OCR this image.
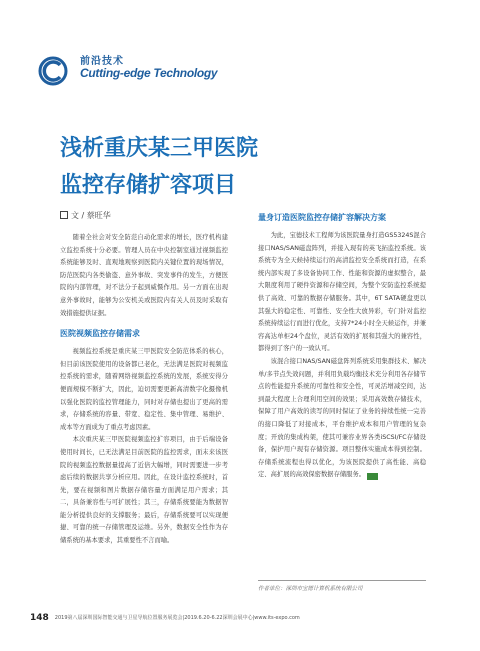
前沿技术
Cutting-edge Technology
浅析重庆某三甲医院
监控存储扩容项目
文 / 蔡旺华

随着全社会对安全防范自动化需求的增长，医疗机构建立监控系统十分必要。管理人员在中央控制室通过视频监控系统能够及时、直观地观察到医院内关键位置的现场情况，防范医院内各类偷盗、意外事故、突发事件的发生，方便医院的内部管理，对不法分子起到威慑作用。另一方面在出现意外事故时，能够为公安机关或医院内有关人员及时采取有效措施提供证据。

医院视频监控存储需求

视频监控系统是重庆某三甲医院安全防范体系的核心，但目前该医院使用的设备都已老化，无法满足医院对视频监控系统的需求，随着网络视频监控系统的发展，系统安得分便面规模不断扩大，因此，迫切需要更新高清数字化摄像机以强化医院的监控管理能力，同时对存储也提出了更高的需求，存储系统的容量、带宽、稳定性、集中管理、易维护、成本等方面成为了重点考虑因素。

本次重庆某三甲医院视频监控扩容项目，由于后端设备使用时间长，已无法满足目前医院的监控需求，面末来该医院的视频监控数据量提高了近倍大幅增，同时需要进一步考虑后续的数据共享分析应用。因此，在设计监控系统时，首先，要在视频和图片数据存储容量方面满足用户需求；其二，具备兼容性与可扩展性；其三，存储系统要能为数据智能分析提供良好的支撑服务；最后，存储系统要可以实现便捷、可靠的统一存储管理及运维。另外，数据安全性作为存储系统的基本要求，其重要性不言而喻。

量身订造医院监控存储扩容解决方案

为此，宝德技术工程师为该医院量身打造GS5324S混合接口NAS/SAN磁盘阵列，并接入现有的英飞拓监控系统。该系统专为全天候持续运行的高清监控安全系统而打造，在系统内部实现了多设备协同工作、性能和资源的虚拟整合，最大限度利用了硬件资源和存储空间，为整个安防监控系统提供了高效、可靠的数据存储服务。其中，6T SATA硬盘更以其强大的稳定性、可靠性、安全性大放异彩，专门针对监控系统持续运行而进行优化，支持7*24小时全天候运作，并兼容高达单柜24个盘位，灵活有效的扩展和其强大的兼容性，都得到了客户的一致认可。

该混合接口NAS/SAN磁盘阵列系统采用集群技术、解决单/多节点失效问题，并利用负载均衡技术充分利用各存储节点的性能提升系统的可靠性和安全性，可灵活增减空间，达到最大程度上合理利用空间的效果；采用高效数存储技术，保障了用户高效的读写的同时保证了业务的持续性统一完善的接口降低了对接成本，平台维护成本和用户管理的复杂度；开放的集成构架，使其可兼容业界各类iSCSI/FC存储设备，保护用户现有存储资源。项目整体实施成本得到控制。存储系统流程也得以优化，为该医院提供了高性能、高稳定、高扩展的高效保密数据存储服务。	CPS

作者单位：深圳市宝德计算机系统有限公司
148 2019第八届深圳国际智能交通与卫星导航位置服务展览会|2019.6.20-6.22深圳会展中心|www.its-expo.com
